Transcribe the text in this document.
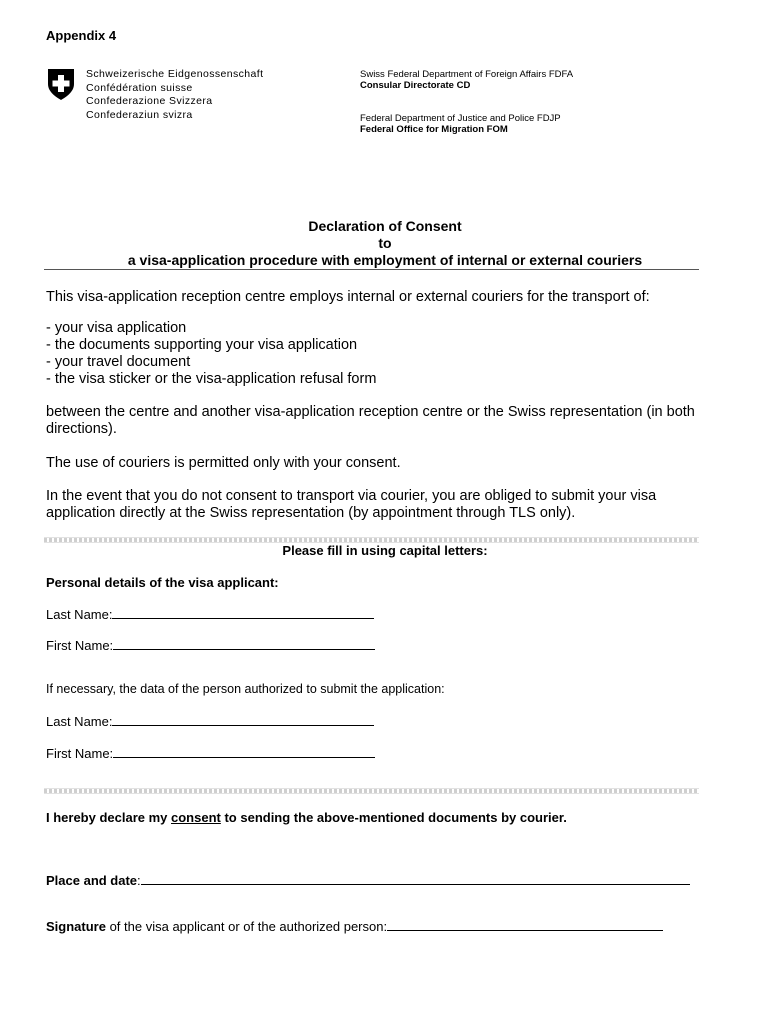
Appendix 4
Schweizerische Eidgenossenschaft
Confédération suisse
Confederazione Svizzera
Confederaziun svizra
Swiss Federal Department of Foreign Affairs FDFA
Consular Directorate CD
Federal Department of Justice and Police FDJP
Federal Office for Migration FOM
Declaration of Consent
to
a visa-application procedure with employment of internal or external couriers
This visa-application reception centre employs internal or external couriers for the transport of:
- your visa application
- the documents supporting your visa application
- your travel document
- the visa sticker or the visa-application refusal form
between the centre and another visa-application reception centre or the Swiss representation (in both directions).
The use of couriers is permitted only with your consent.
In the event that you do not consent to transport via courier, you are obliged to submit your visa application directly at the Swiss representation (by appointment through TLS only).
Please fill in using capital letters:
Personal details of the visa applicant:
Last Name:
First Name:
If necessary, the data of the person authorized to submit the application:
Last Name:
First Name:
I hereby declare my consent to sending the above-mentioned documents by courier.
Place and date:
Signature of the visa applicant or of the authorized person:
